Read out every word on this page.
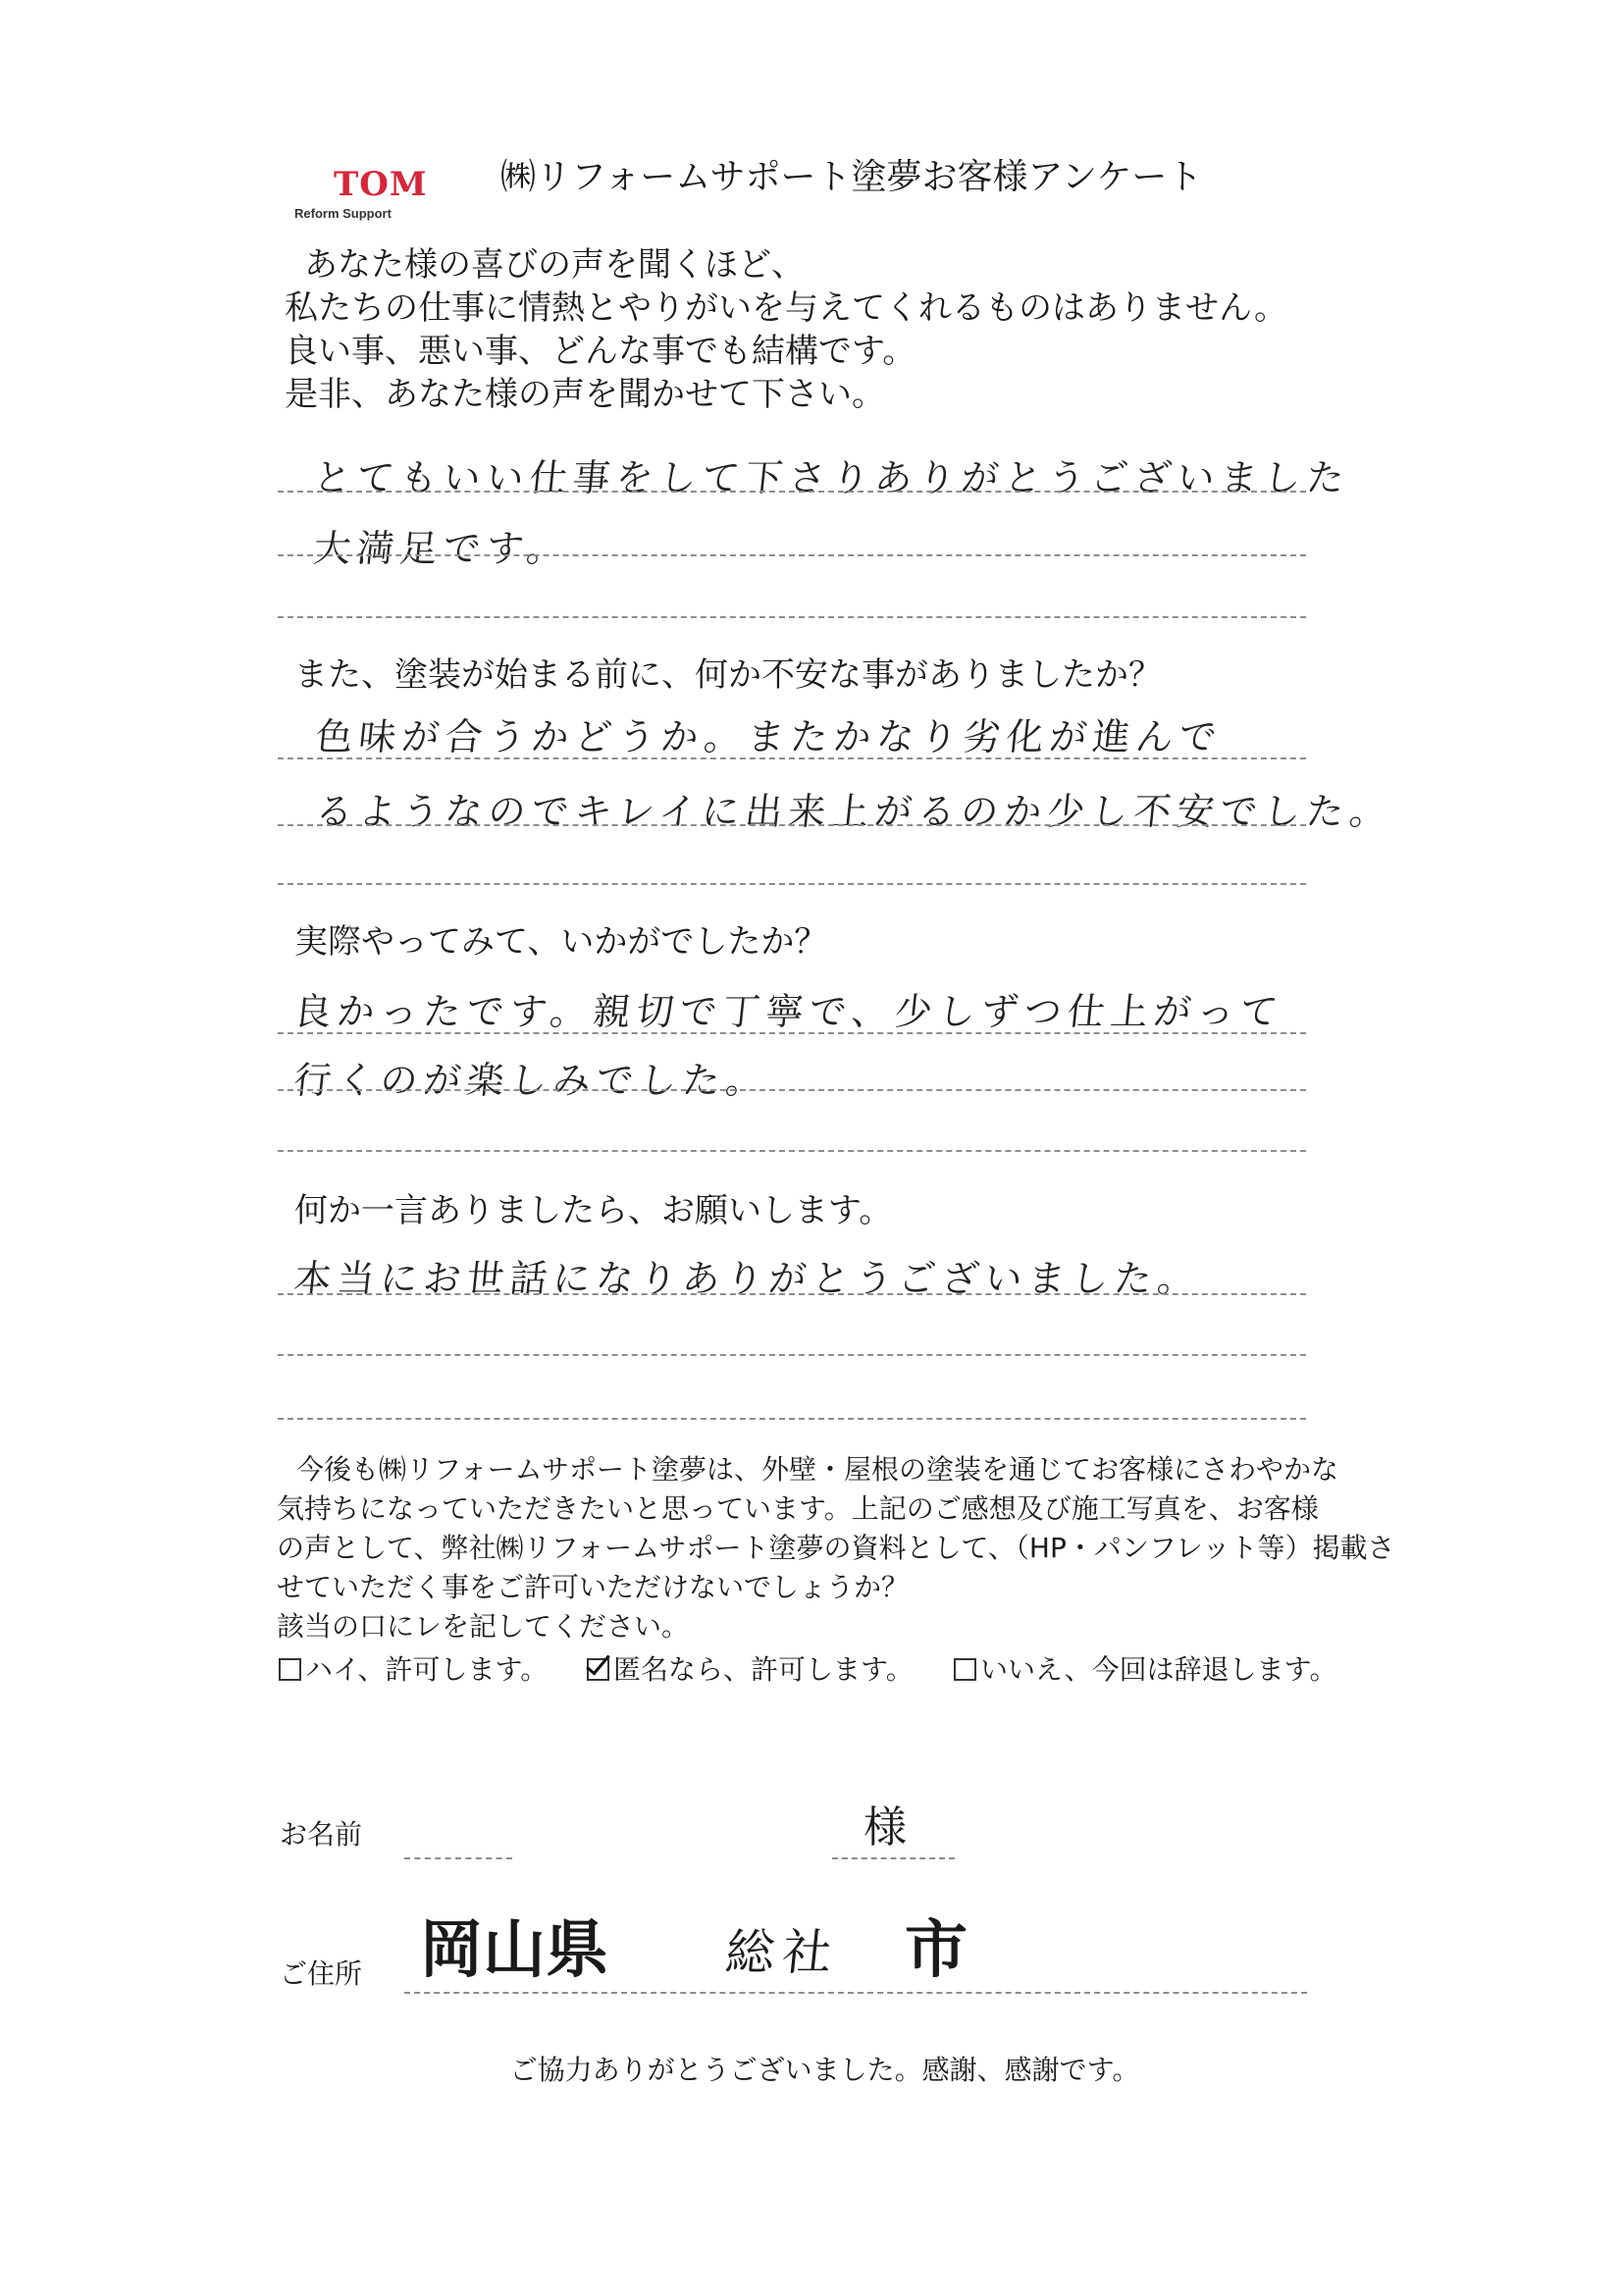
TOM
Reform Support
㈱リフォームサポート塗夢お客様アンケート
あなた様の喜びの声を聞くほど、
私たちの仕事に情熱とやりがいを与えてくれるものはありません。
良い事、悪い事、どんな事でも結構です。
是非、あなた様の声を聞かせて下さい。
とてもいい仕事をして下さりありがとうございました
大満足です。
また、塗装が始まる前に、何か不安な事がありましたか？
色味が合うかどうか。またかなり劣化が進んで
るようなのでキレイに出来上がるのか少し不安でした。
実際やってみて、いかがでしたか？
良かったです。親切で丁寧で、少しずつ仕上がって
行くのが楽しみでした。
何か一言ありましたら、お願いします。
本当にお世話になりありがとうございました。
今後も㈱リフォームサポート塗夢は、外壁・屋根の塗装を通じてお客様にさわやかな
気持ちになっていただきたいと思っています。上記のご感想及び施工写真を、お客様
の声として、弊社㈱リフォームサポート塗夢の資料として、（HP・パンフレット等）掲載さ
せていただく事をご許可いただけないでしょうか？
該当の口にレを記してください。
ハイ、許可します。	匿名なら、許可します。	いいえ、今回は辞退します。
お名前	様
ご住所 岡山県 総社 市
ご協力ありがとうございました。感謝、感謝です。
